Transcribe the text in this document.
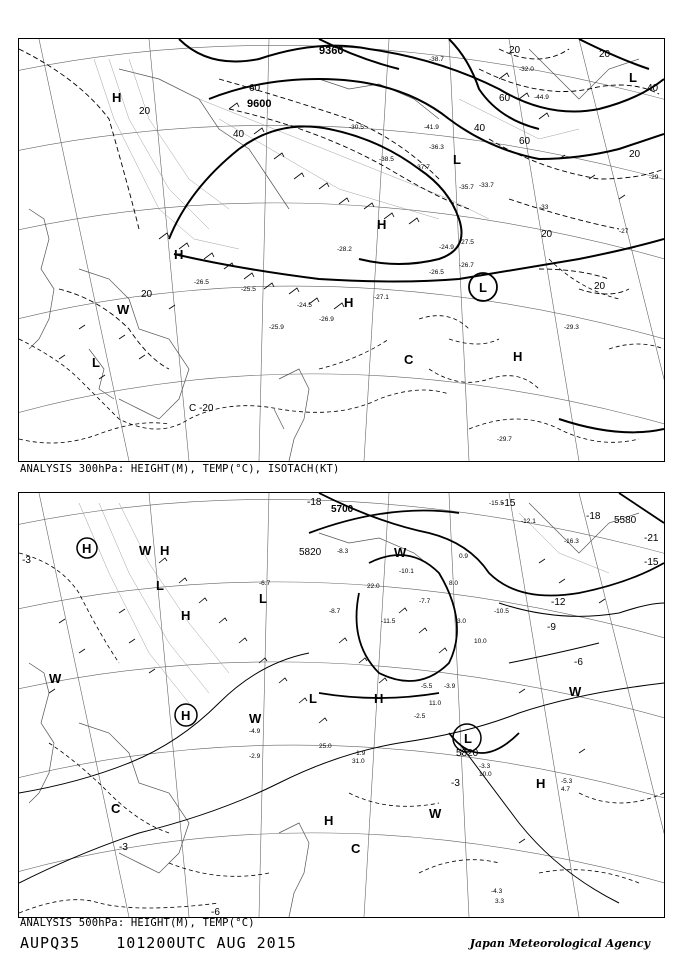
9360
9600
20
40
60
20
60
40
60
20
20
40
20
20
20
C -20
H
H
H
H
H
L
L
L
L
W
C
-24.9
-26.7
-27.5
-26.5
-38.5
-37.7
-36.3
-35.7 -33.7
-27.1
-29.3
-29.7
-24.5
-26.9
-25.5
-28.2
-33
-29
-27
-30.5	-41.9
-38.7
-44.9
-32.0
-26.5
-25.9
ANALYSIS 300hPa: HEIGHT(M), TEMP(°C), ISOTACH(KT)
5700
5820
5820
5580
-18	-15
-12
-9
-6
-3
-3
-3
-6
-18
-21
-15
H	H
H
H
H
H
H
L
L
L
L
W	W
W
W
W
C
C
W
-10.5
-5.5 -3.9
-2.5
-1.9
-4.3
-5.3
-3.3
-6.7
-4.9
-2.9
-8.3
-10.1
-15.5
-16.3
-11.5
-7.7
-8.7
-12.1
0.9
3.0
8.0
10.0
11.0
22.0
25.0
31.0
4.7
3.3
10.0
ANALYSIS 500hPa: HEIGHT(M), TEMP(°C)
AUPQ35 101200UTC AUG 2015	Japan Meteorological Agency
